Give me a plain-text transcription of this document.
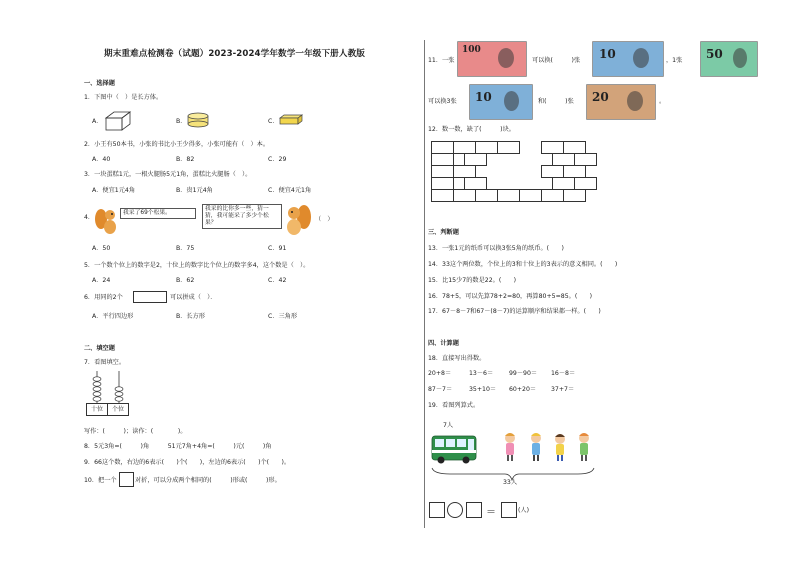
期末重难点检测卷（试题）2023-2024学年数学一年级下册人教版
一、选择题
1．下图中（　）是长方体。
A．	B．	C．
2．小王有50本书，小张的书比小王少得多，小张可能有（　）本。
A．40	B．82	C．29
3．一块蛋糕1元，一根火腿肠5元1角，蛋糕比火腿肠（　）。
A．便宜1元4角	B．贵1元4角	C．便宜4元1角
4．
我采了69个松果。
我采的比你多一些，猜一猜，我可能采了多少个松果？	（　）
A．50	B．75	C．91
5．一个数个位上的数字是2，十位上的数字比个位上的数字多4，这个数是（　）。
A．24	B．62	C．42
6．用同的2个	可以拼成（　）．
A．平行四边形	B．长方形	C．三角形
二、填空题
7．看图填空。
十位	个位
写作：(　　　)；读作：(　　　　)。
8．5元3角=(　　　)角　　　51元7角+4角=(　　　)元(　　　)角
9．66这个数，右边的6表示(　　)个(　　)，左边的6表示(　　)个(　　)。
10．把一个	对折，可以分成两个相同的(　　　)形或(　　　)形。
11．一张
100
可以换(　　　)张 10	，1张 50
可以换3张 10	和(　　　)张 20	。
12．数一数，缺了(　　　)块。
三、判断题
13．一张1元的纸币可以换3张5角的纸币。(　　)
14．33这个两位数，个位上的3和十位上的3表示的意义相同。(　　)
15．比15少7的数是22。(　　)
16．78+5，可以先算78+2=80，再算80+5=85。(　　)
17．67－8－7和67－(8－7)的运算顺序和结果都一样。(　　)
四、计算题
18．直接写出得数。
20+8＝	13－6＝	99－90＝ 16－8＝
87－7＝	35+10＝ 60+20＝ 37+7＝
19．看图列算式。
7人
33人
＝	(人)
